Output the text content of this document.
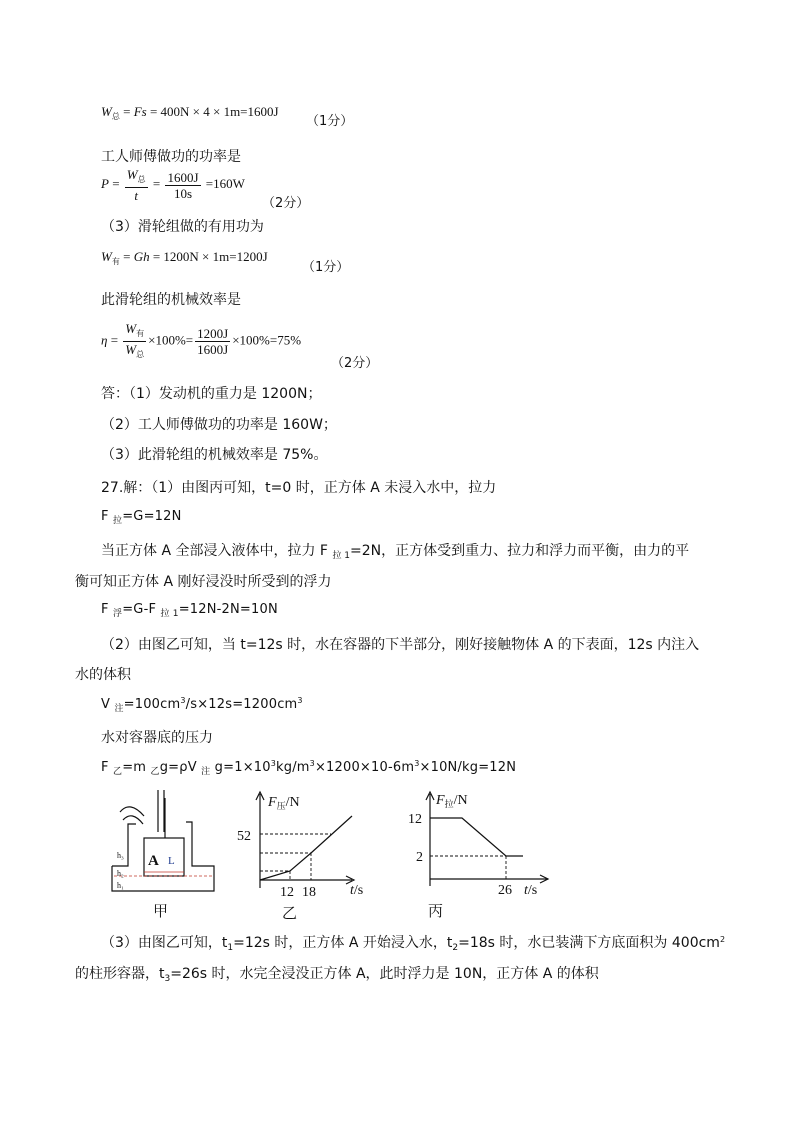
$W_总 = Fs = 400N \times 4 \times 1m=1600J$
（1分）
工人师傅做功的功率是
$P = \frac{W_总}{t} = \frac{1600J}{10s} =160W$
（2分）
（3）滑轮组做的有用功为
$W_有 = Gh = 1200N \times 1m=1200J$
（1分）
此滑轮组的机械效率是
$\eta = \frac{W_有}{W_总} \times 100\%= \frac{1200J}{1600J} \times 100\%=75\%$
（2分）
答：（1）发动机的重力是 1200N；
（2）工人师傅做功的功率是 160W；
（3）此滑轮组的机械效率是 75%。
27.解：（1）由图丙可知，t=0 时，正方体 A 未浸入水中，拉力
F $_拉$=G=12N
当正方体 A 全部浸入液体中，拉力 F $_{拉 1}$=2N，正方体受到重力、拉力和浮力而平衡，由力的平
衡可知正方体 A 刚好浸没时所受到的浮力
F $_浮$=G-F $_{拉 1}$=12N-2N=10N
（2）由图乙可知，当 t=12s 时，水在容器的下半部分，刚好接触物体 A 的下表面，12s 内注入
水的体积
V $_注=100cm^3/s\times 12s=1200cm^3$
水对容器底的压力
F $_乙$=m $_乙$g=ρV $_注$ $g=1\times 10^3kg/m^3\times 1200\times 10-6m^3\times 10N/kg=12N$
h₃
h₂
h₁
A L
甲
$F_压/N$
52
12 18 t/s
乙
$F_拉/N$
12
2
26 t/s
丙
（3）由图乙可知，$t_1=12s$ 时，正方体 A 开始浸入水，$t_2=18s$ 时，水已装满下方底面积为 $400cm^2$
的柱形容器，$t_3=26s$ 时，水完全浸没正方体 A，此时浮力是 10N，正方体 A 的体积
